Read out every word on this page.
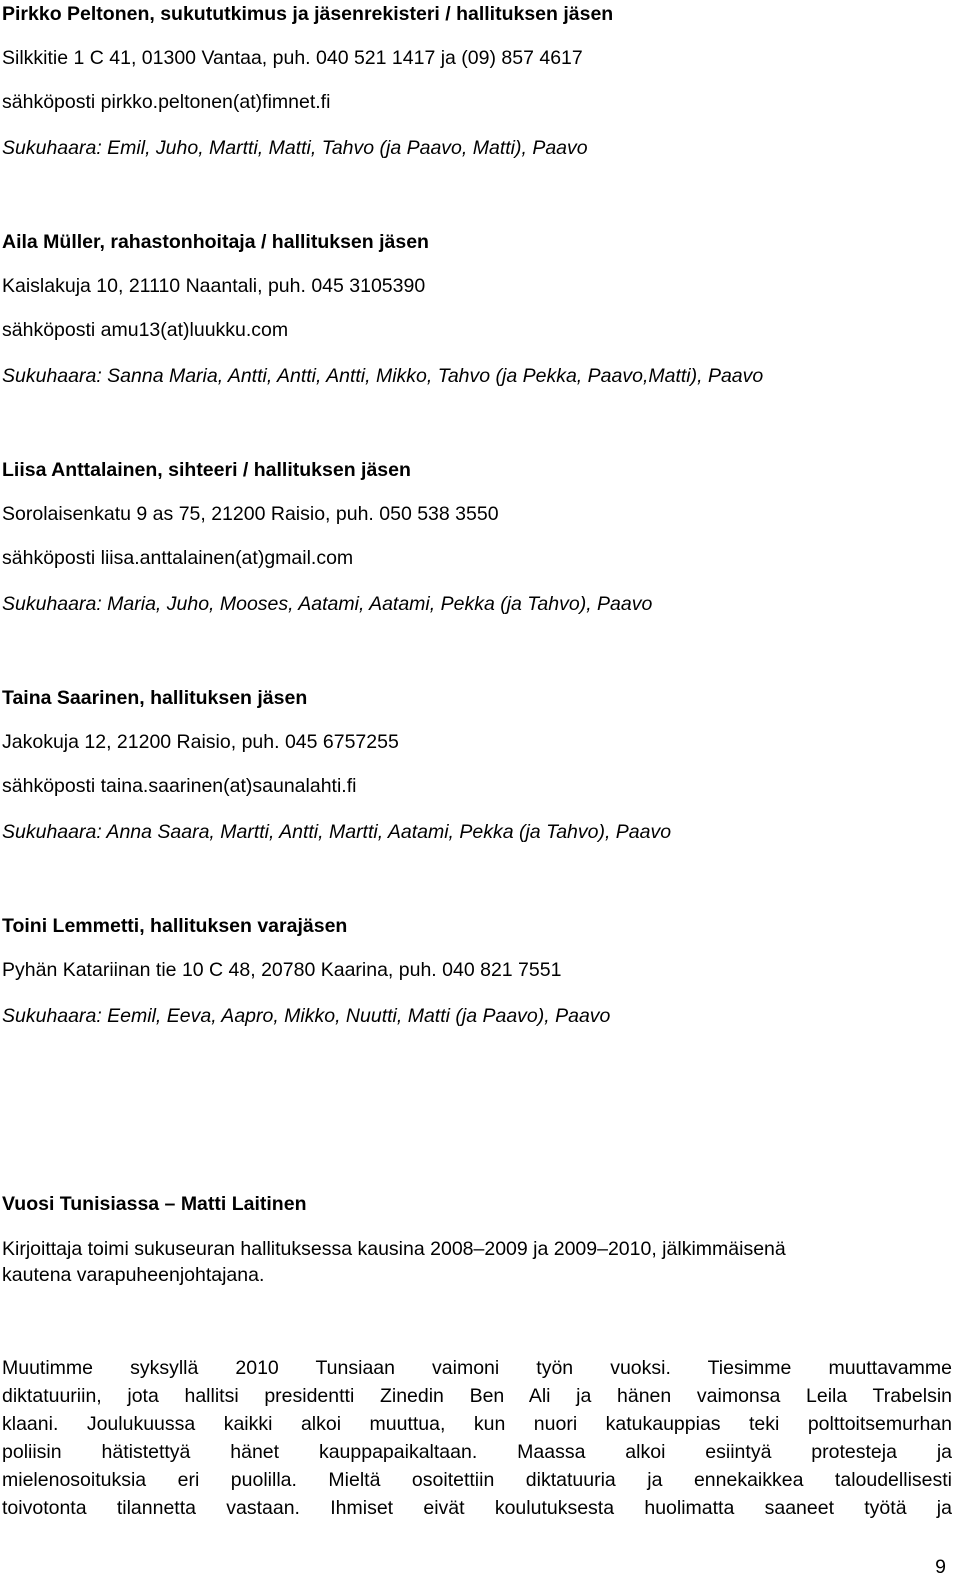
Pirkko Peltonen, sukututkimus ja jäsenrekisteri / hallituksen jäsen

Silkkitie 1 C 41, 01300 Vantaa, puh. 040 521 1417 ja (09) 857 4617

sähköposti pirkko.peltonen(at)fimnet.fi

Sukuhaara: Emil, Juho, Martti, Matti, Tahvo (ja Paavo, Matti), Paavo

Aila Müller, rahastonhoitaja / hallituksen jäsen

Kaislakuja 10, 21110 Naantali, puh. 045 3105390

sähköposti amu13(at)luukku.com

Sukuhaara: Sanna Maria, Antti, Antti, Antti, Mikko, Tahvo (ja Pekka, Paavo,Matti), Paavo

Liisa Anttalainen, sihteeri / hallituksen jäsen

Sorolaisenkatu 9 as 75, 21200 Raisio, puh. 050 538 3550

sähköposti liisa.anttalainen(at)gmail.com

Sukuhaara: Maria, Juho, Mooses, Aatami, Aatami, Pekka (ja Tahvo), Paavo

Taina Saarinen, hallituksen jäsen

Jakokuja 12, 21200 Raisio, puh. 045 6757255

sähköposti taina.saarinen(at)saunalahti.fi

Sukuhaara: Anna Saara, Martti, Antti, Martti, Aatami, Pekka (ja Tahvo), Paavo

Toini Lemmetti, hallituksen varajäsen

Pyhän Katariinan tie 10 C 48, 20780 Kaarina, puh. 040 821 7551

Sukuhaara: Eemil, Eeva, Aapro, Mikko, Nuutti, Matti (ja Paavo), Paavo

Vuosi Tunisiassa – Matti Laitinen

Kirjoittaja toimi sukuseuran hallituksessa kausina 2008–2009 ja 2009–2010, jälkimmäisenä
kautena varapuheenjohtajana.
Muutimme syksyllä 2010 Tunsiaan vaimoni työn vuoksi. Tiesimme muuttavamme
diktatuuriin, jota hallitsi presidentti Zinedin Ben Ali ja hänen vaimonsa Leila Trabelsin
klaani. Joulukuussa kaikki alkoi muuttua, kun nuori katukauppias teki polttoitsemurhan
poliisin hätistettyä hänet kauppapaikaltaan. Maassa alkoi esiintyä protesteja ja
mielenosoituksia eri puolilla. Mieltä osoitettiin diktatuuria ja ennekaikkea taloudellisesti
toivotonta tilannetta vastaan. Ihmiset eivät koulutuksesta huolimatta saaneet työtä ja
9
